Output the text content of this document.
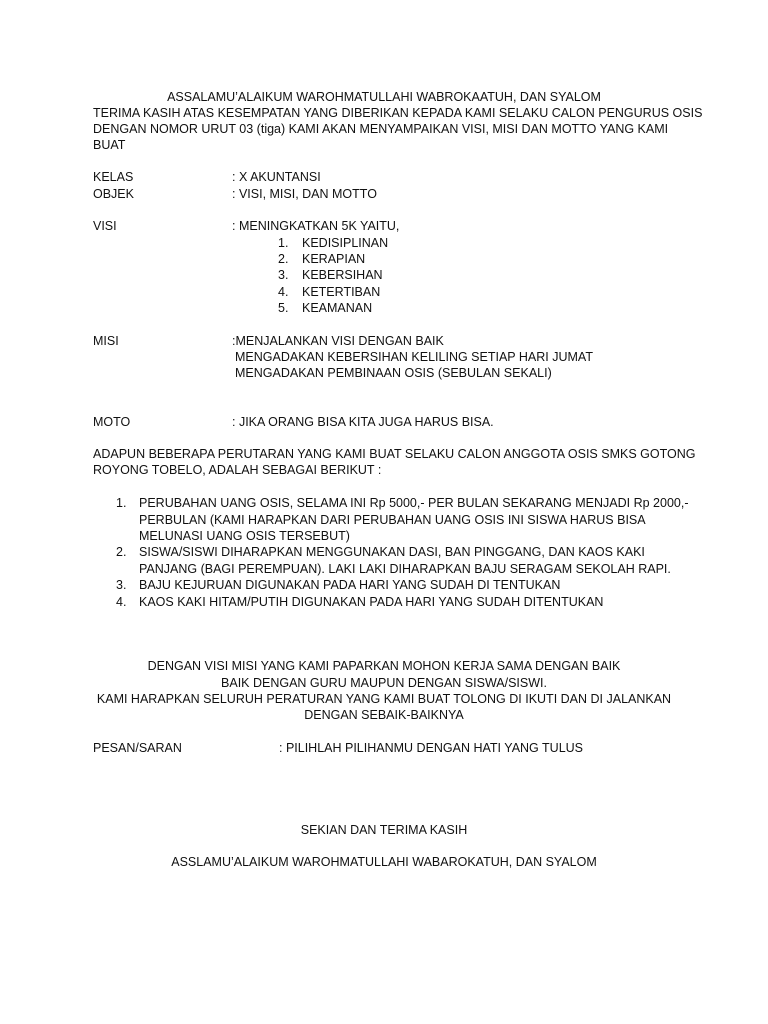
ASSALAMU’ALAIKUM WAROHMATULLAHI WABROKAATUH, DAN SYALOM
TERIMA KASIH ATAS KESEMPATAN YANG DIBERIKAN KEPADA KAMI SELAKU CALON PENGURUS OSIS
DENGAN NOMOR URUT 03 (tiga) KAMI AKAN MENYAMPAIKAN VISI, MISI DAN MOTTO YANG KAMI
BUAT
KELAS	: X AKUNTANSI
OBJEK	: VISI, MISI, DAN MOTTO
VISI	: MENINGKATKAN 5K YAITU,
1. KEDISIPLINAN
2. KERAPIAN
3. KEBERSIHAN
4. KETERTIBAN
5. KEAMANAN
MISI	:MENJALANKAN VISI DENGAN BAIK
MENGADAKAN KEBERSIHAN KELILING SETIAP HARI JUMAT
MENGADAKAN PEMBINAAN OSIS (SEBULAN SEKALI)
MOTO	: JIKA ORANG BISA KITA JUGA HARUS BISA.
ADAPUN BEBERAPA PERUTARAN YANG KAMI BUAT SELAKU CALON ANGGOTA OSIS SMKS GOTONG
ROYONG TOBELO, ADALAH SEBAGAI BERIKUT :
1. PERUBAHAN UANG OSIS, SELAMA INI Rp 5000,- PER BULAN SEKARANG MENJADI Rp 2000,-
PERBULAN (KAMI HARAPKAN DARI PERUBAHAN UANG OSIS INI SISWA HARUS BISA
MELUNASI UANG OSIS TERSEBUT)
2. SISWA/SISWI DIHARAPKAN MENGGUNAKAN DASI, BAN PINGGANG, DAN KAOS KAKI
PANJANG (BAGI PEREMPUAN). LAKI LAKI DIHARAPKAN BAJU SERAGAM SEKOLAH RAPI.
3. BAJU KEJURUAN DIGUNAKAN PADA HARI YANG SUDAH DI TENTUKAN
4. KAOS KAKI HITAM/PUTIH DIGUNAKAN PADA HARI YANG SUDAH DITENTUKAN
DENGAN VISI MISI YANG KAMI PAPARKAN MOHON KERJA SAMA DENGAN BAIK
BAIK DENGAN GURU MAUPUN DENGAN SISWA/SISWI.
KAMI HARAPKAN SELURUH PERATURAN YANG KAMI BUAT TOLONG DI IKUTI DAN DI JALANKAN
DENGAN SEBAIK-BAIKNYA
PESAN/SARAN	: PILIHLAH PILIHANMU DENGAN HATI YANG TULUS
SEKIAN DAN TERIMA KASIH
ASSLAMU’ALAIKUM WAROHMATULLAHI WABAROKATUH, DAN SYALOM
